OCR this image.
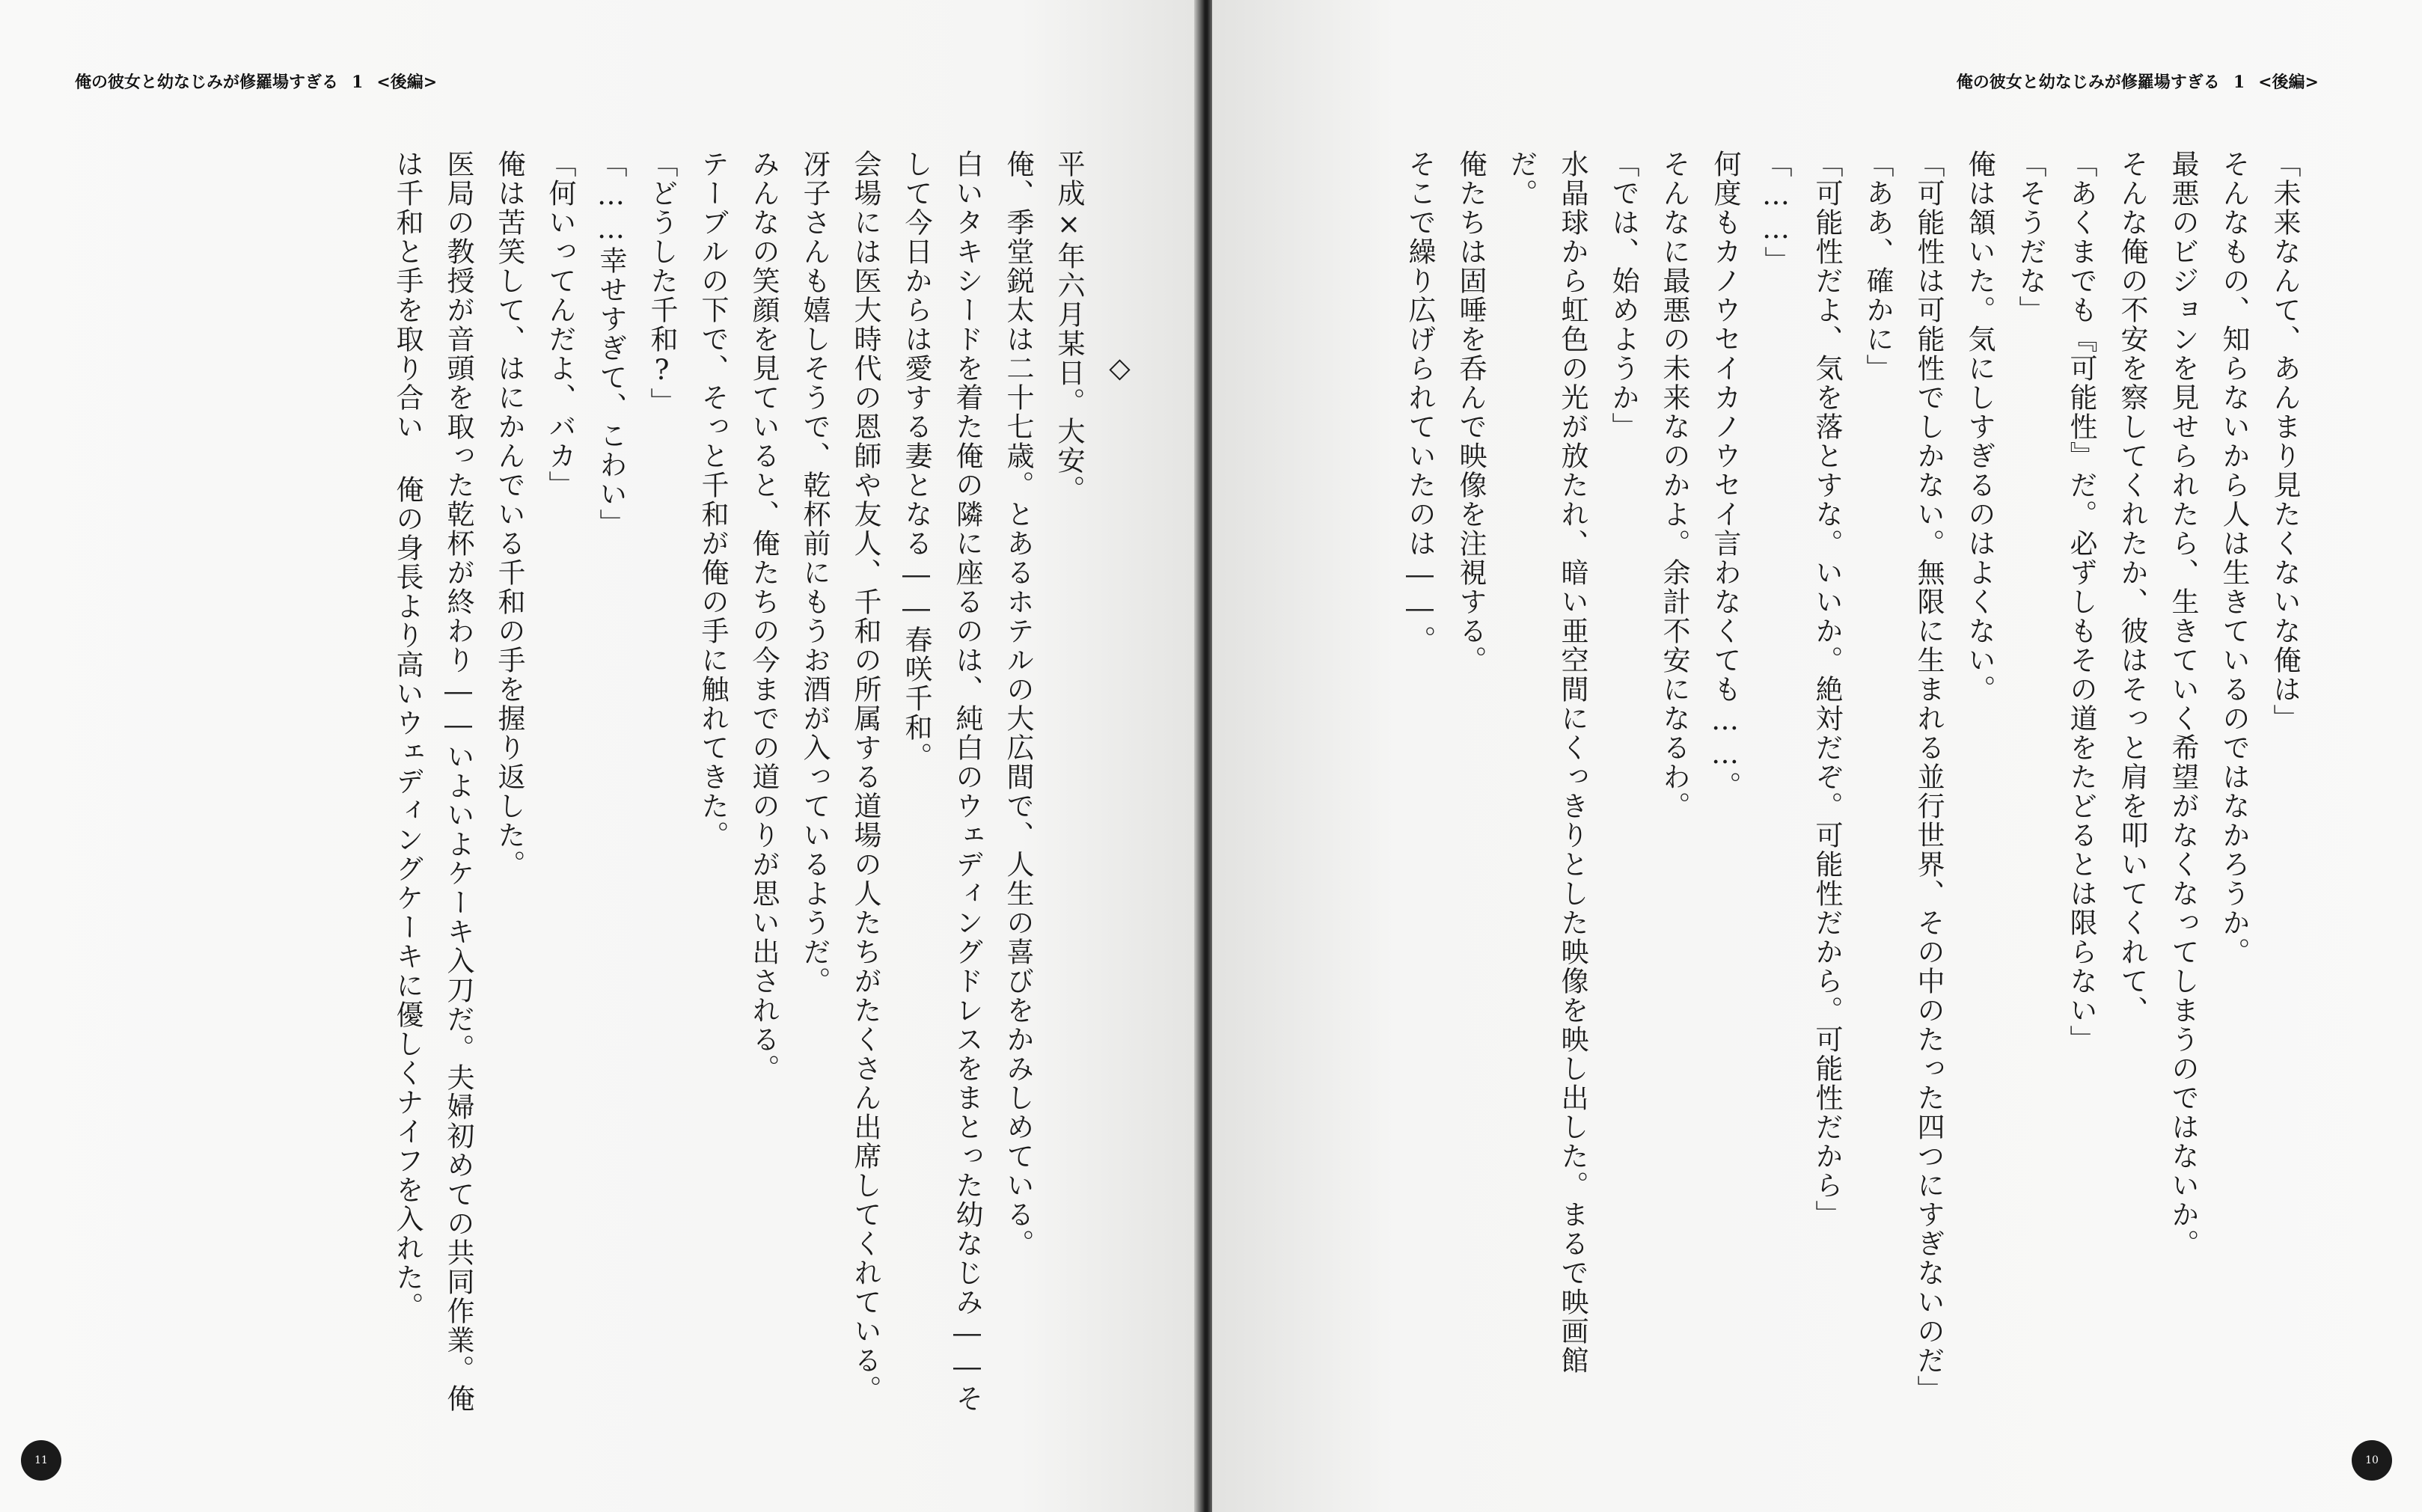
俺の彼女と幼なじみが修羅場すぎる 1 <後編>

◇

平成×年六月某日。大安。

俺、季堂鋭太は二十七歳。とあるホテルの大広間で、人生の喜びをかみしめている。

白いタキシードを着た俺の隣に座るのは、純白のウェディングドレスをまとった幼なじみ――そして今日からは愛する妻となる――春咲千和。

会場には医大時代の恩師や友人、千和の所属する道場の人たちがたくさん出席してくれている。冴子さんも嬉しそうで、乾杯前にもうお酒が入っているようだ。

みんなの笑顔を見ていると、俺たちの今までの道のりが思い出される。

テーブルの下で、そっと千和が俺の手に触れてきた。

「どうした千和?」

「……幸せすぎて、こわい」

「何いってんだよ、バカ」

俺は苦笑して、はにかんでいる千和の手を握り返した。

医局の教授が音頭を取った乾杯が終わり――いよいよケーキ入刀だ。夫婦初めての共同作業。俺は千和と手を取り合い 俺の身長より高いウェディングケーキに優しくナイフを入れた。

11
俺の彼女と幼なじみが修羅場すぎる 1 <後編>

「未来なんて、あんまり見たくないな俺は」

そんなもの、知らないから人は生きているのではなかろうか。

最悪のビジョンを見せられたら、生きていく希望がなくなってしまうのではないか。

そんな俺の不安を察してくれたか、彼はそっと肩を叩いてくれて、

「あくまでも『可能性』だ。必ずしもその道をたどるとは限らない」

「そうだな」

俺は頷いた。気にしすぎるのはよくない。

「可能性は可能性でしかない。無限に生まれる並行世界、その中のたった四つにすぎないのだ」

「ああ、確かに」

「可能性だよ、気を落とすな。いいか。絶対だぞ。可能性だから。可能性だから」

「……」

何度もカノウセイカノウセイ言わなくても……。

そんなに最悪の未来なのかよ。余計不安になるわ。

「では、始めようか」

水晶球から虹色の光が放たれ、暗い亜空間にくっきりとした映像を映し出した。まるで映画館だ。

俺たちは固唾を呑んで映像を注視する。

そこで繰り広げられていたのは――。

10
